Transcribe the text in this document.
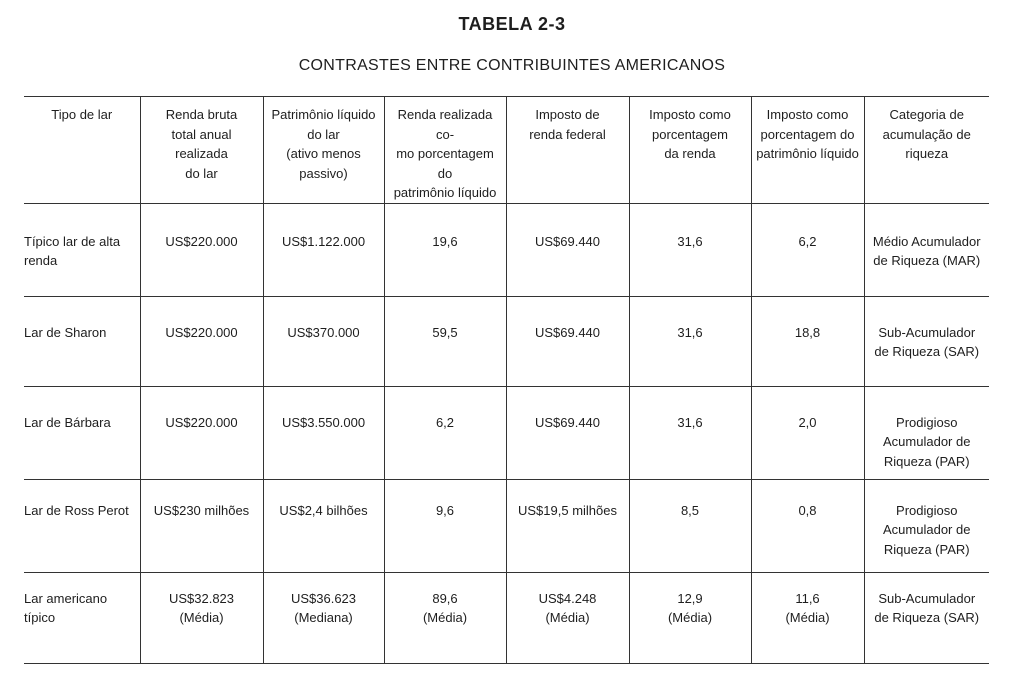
TABELA 2-3
CONTRASTES ENTRE CONTRIBUINTES AMERICANOS
Tipo de lar	Renda bruta
total anual
realizada
do lar	Patrimônio líquido
do lar
(ativo menos
passivo)	Renda realizada co-
mo porcentagem do
patrimônio líquido	Imposto de
renda federal	Imposto como
porcentagem
da renda	Imposto como
porcentagem do
patrimônio líquido	Categoria de
acumulação de
riqueza
Típico lar de alta
renda	US$220.000	US$1.122.000	19,6	US$69.440	31,6	6,2	Médio Acumulador
de Riqueza (MAR)
Lar de Sharon	US$220.000	US$370.000	59,5	US$69.440	31,6	18,8	Sub-Acumulador
de Riqueza (SAR)
Lar de Bárbara	US$220.000	US$3.550.000	6,2	US$69.440	31,6	2,0	Prodigioso
Acumulador de
Riqueza (PAR)
Lar de Ross Perot	US$230 milhões	US$2,4 bilhões	9,6	US$19,5 milhões	8,5	0,8	Prodigioso
Acumulador de
Riqueza (PAR)
Lar americano típico	US$32.823
(Média)	US$36.623
(Mediana)	89,6
(Média)	US$4.248
(Média)	12,9
(Média)	11,6
(Média)	Sub-Acumulador
de Riqueza (SAR)
